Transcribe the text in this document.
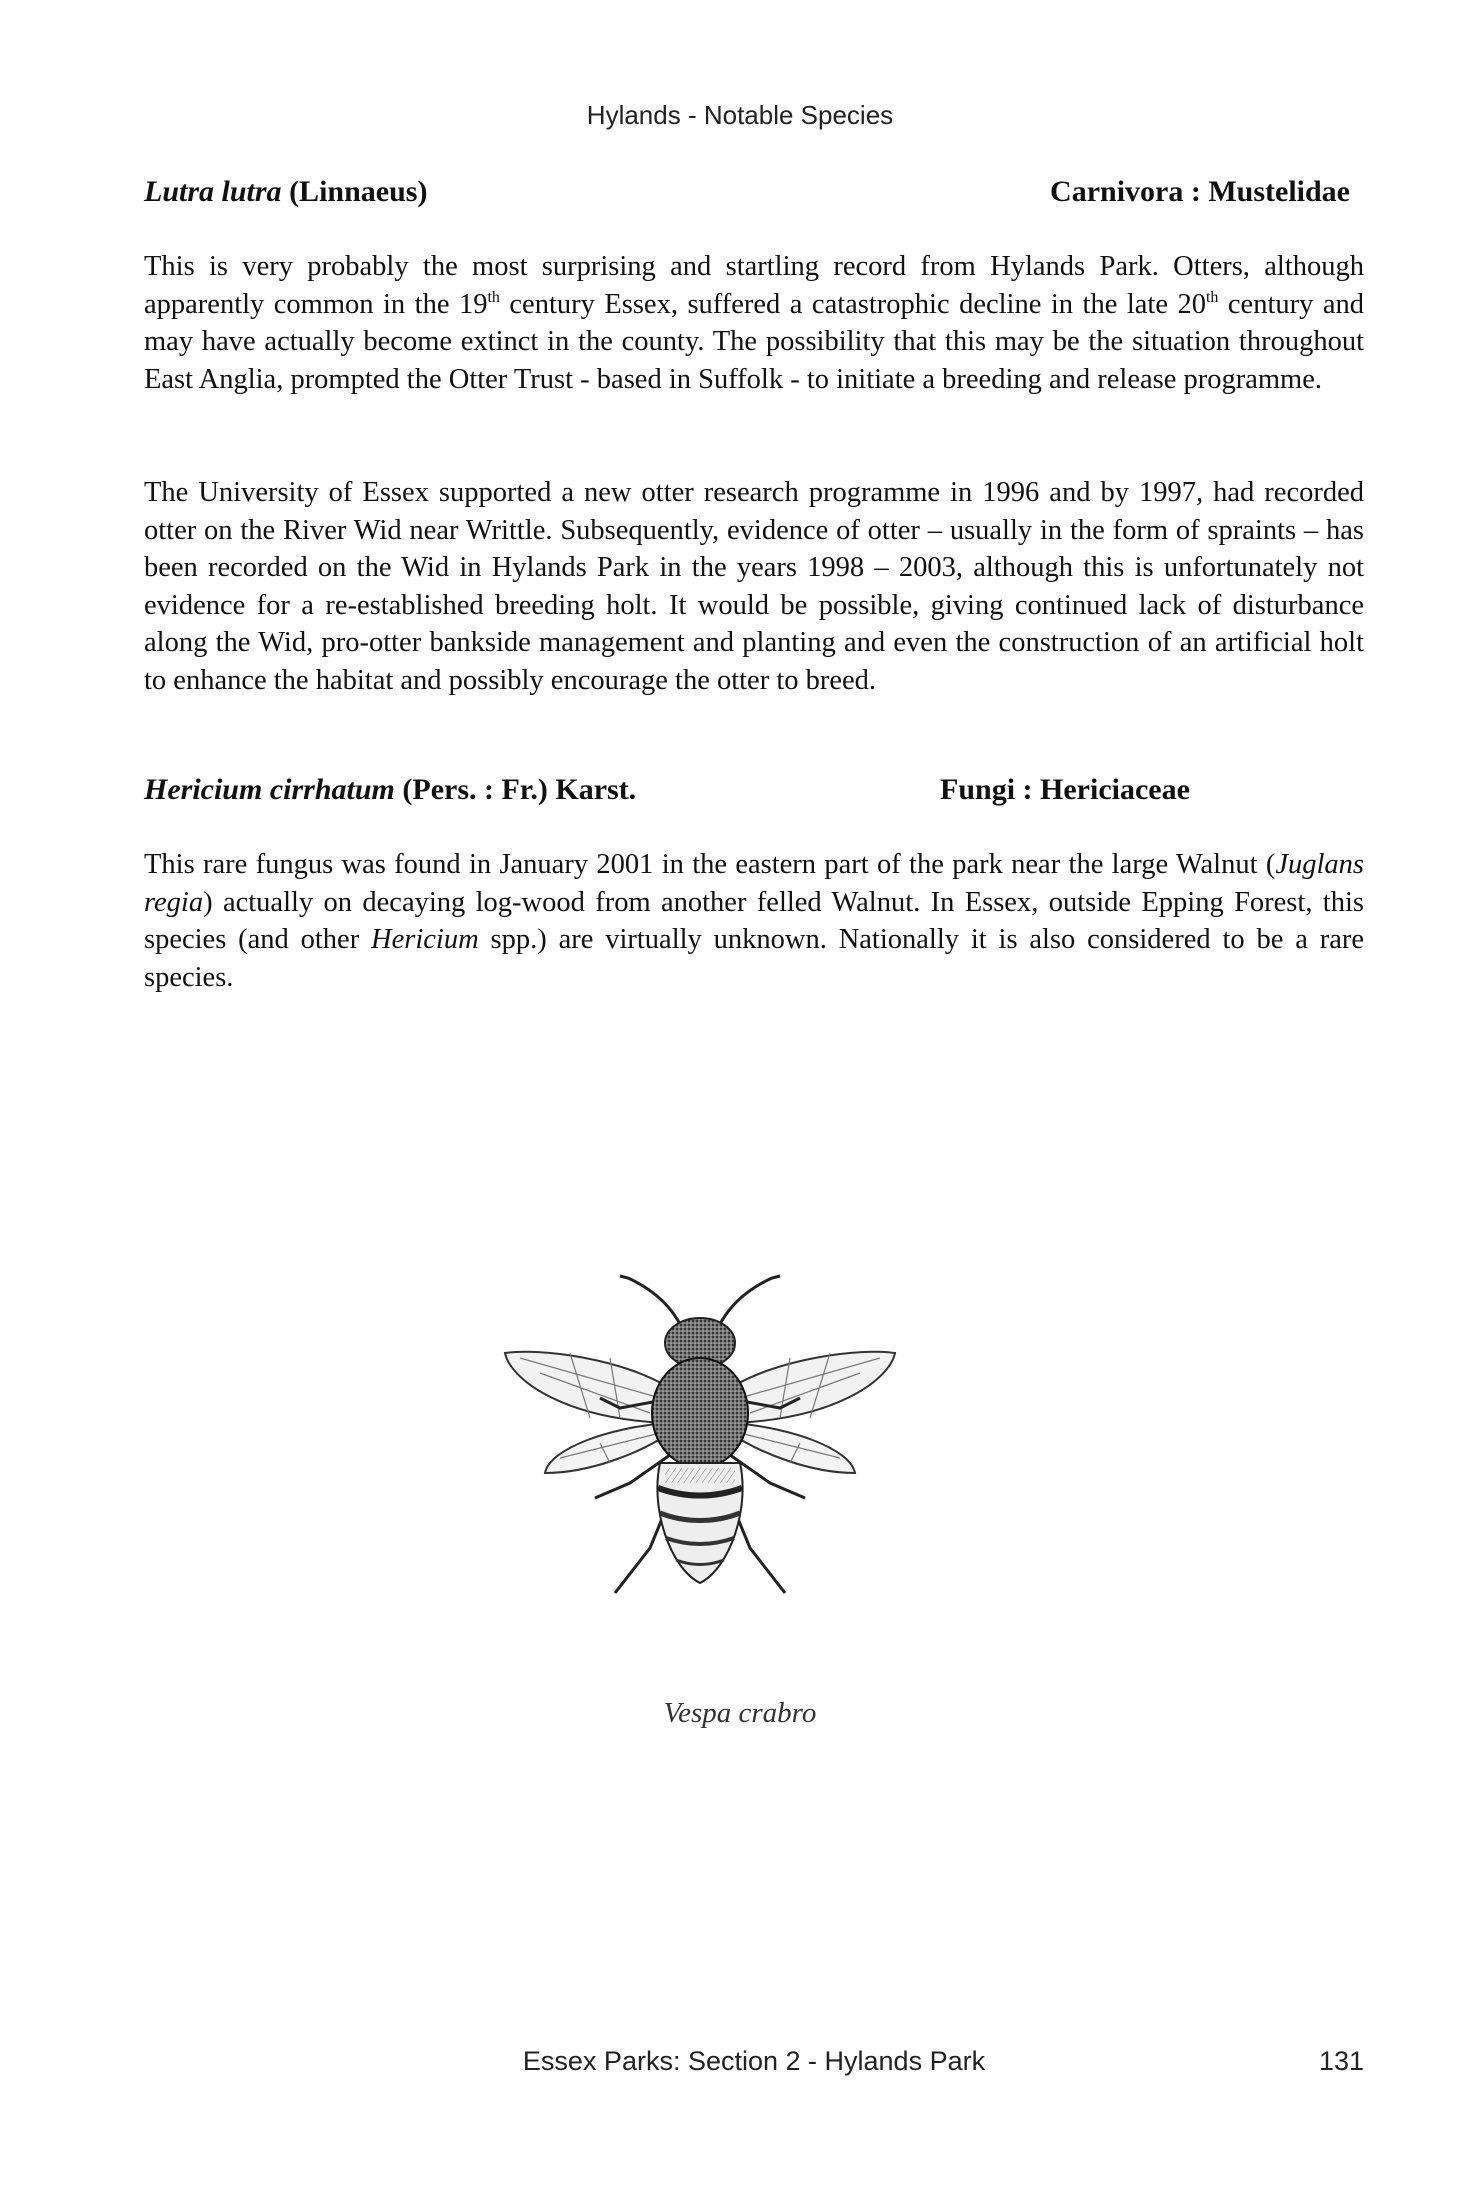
Hylands - Notable Species
Lutra lutra (Linnaeus)	Carnivora : Mustelidae

This is very probably the most surprising and startling record from Hylands Park. Otters, although apparently common in the 19th century Essex, suffered a catastrophic decline in the late 20th century and may have actually become extinct in the county. The possibility that this may be the situation throughout East Anglia, prompted the Otter Trust - based in Suffolk - to initiate a breeding and release programme.

The University of Essex supported a new otter research programme in 1996 and by 1997, had recorded otter on the River Wid near Writtle. Subsequently, evidence of otter – usually in the form of spraints – has been recorded on the Wid in Hylands Park in the years 1998 – 2003, although this is unfortunately not evidence for a re-established breeding holt. It would be possible, giving continued lack of disturbance along the Wid, pro-otter bankside management and planting and even the construction of an artificial holt to enhance the habitat and possibly encourage the otter to breed.

Hericium cirrhatum (Pers. : Fr.) Karst.	Fungi : Hericiaceae

This rare fungus was found in January 2001 in the eastern part of the park near the large Walnut (Juglans regia) actually on decaying log-wood from another felled Walnut. In Essex, outside Epping Forest, this species (and other Hericium spp.) are virtually unknown. Nationally it is also considered to be a rare species.

Vespa crabro
Essex Parks: Section 2 - Hylands Park	131
